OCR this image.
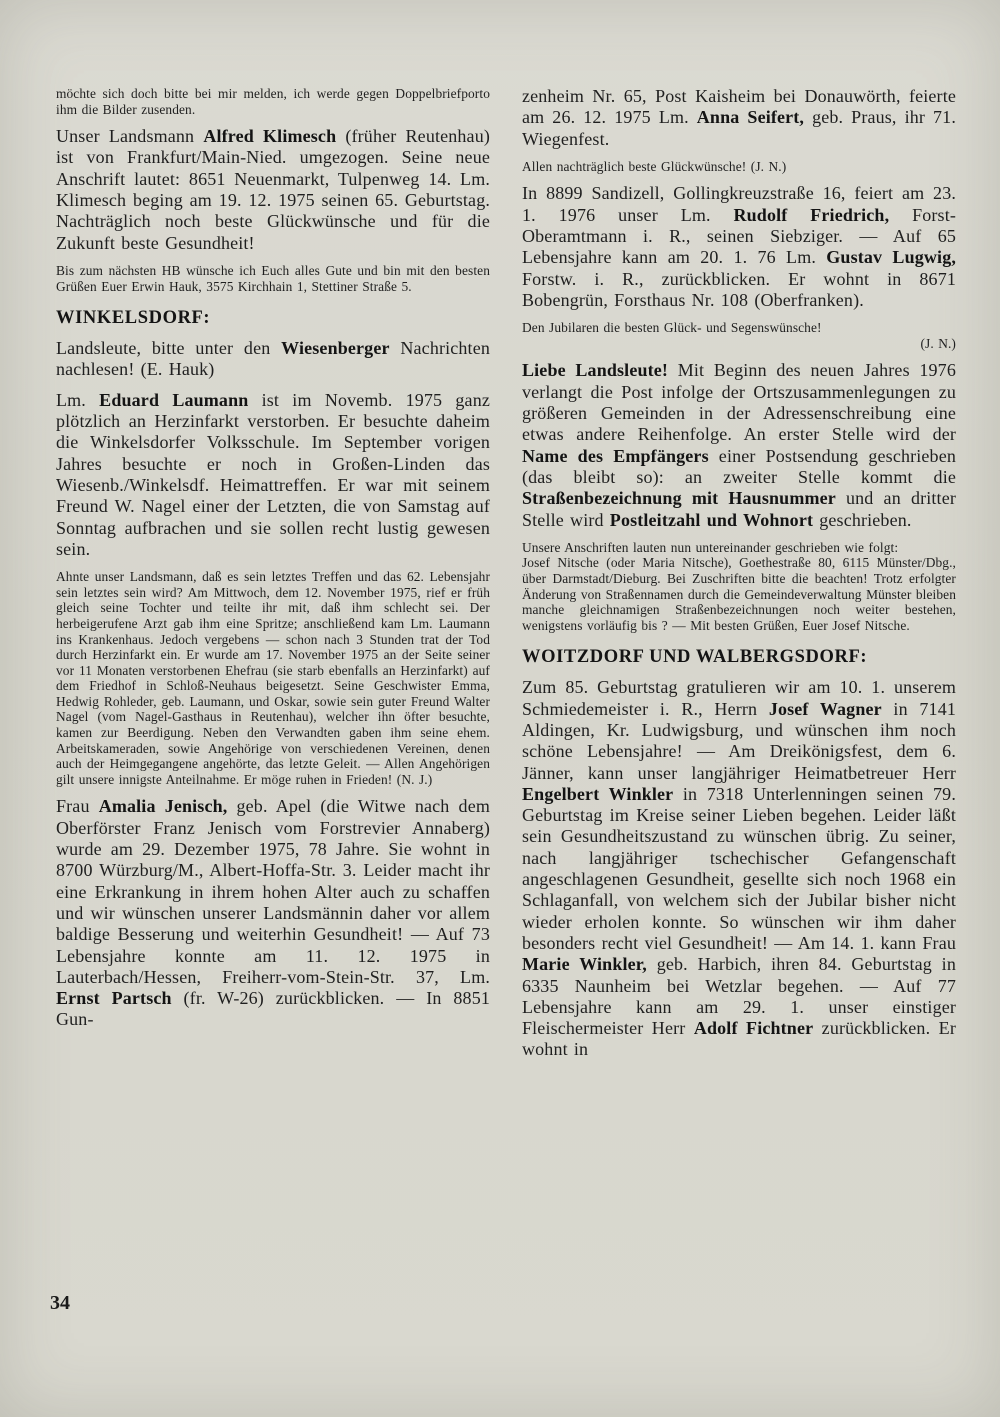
möchte sich doch bitte bei mir melden, ich werde gegen Doppelbriefporto ihm die Bilder zusenden.

Unser Landsmann Alfred Klimesch (früher Reutenhau) ist von Frankfurt/Main-Nied. umgezogen. Seine neue Anschrift lautet: 8651 Neuenmarkt, Tulpenweg 14. Lm. Klimesch beging am 19. 12. 1975 seinen 65. Geburtstag. Nachträglich noch beste Glückwünsche und für die Zukunft beste Gesundheit!

Bis zum nächsten HB wünsche ich Euch alles Gute und bin mit den besten Grüßen Euer Erwin Hauk, 3575 Kirchhain 1, Stettiner Straße 5.

WINKELSDORF:

Landsleute, bitte unter den Wiesenberger Nachrichten nachlesen! (E. Hauk)

Lm. Eduard Laumann ist im Novemb. 1975 ganz plötzlich an Herzinfarkt verstorben. Er besuchte daheim die Winkelsdorfer Volksschule. Im September vorigen Jahres besuchte er noch in Großen-Linden das Wiesenb./Winkelsdf. Heimattreffen. Er war mit seinem Freund W. Nagel einer der Letzten, die von Samstag auf Sonntag aufbrachen und sie sollen recht lustig gewesen sein.

Ahnte unser Landsmann, daß es sein letztes Treffen und das 62. Lebensjahr sein letztes sein wird? Am Mittwoch, dem 12. November 1975, rief er früh gleich seine Tochter und teilte ihr mit, daß ihm schlecht sei. Der herbeigerufene Arzt gab ihm eine Spritze; anschließend kam Lm. Laumann ins Krankenhaus. Jedoch vergebens — schon nach 3 Stunden trat der Tod durch Herzinfarkt ein. Er wurde am 17. November 1975 an der Seite seiner vor 11 Monaten verstorbenen Ehefrau (sie starb ebenfalls an Herzinfarkt) auf dem Friedhof in Schloß-Neuhaus beigesetzt. Seine Geschwister Emma, Hedwig Rohleder, geb. Laumann, und Oskar, sowie sein guter Freund Walter Nagel (vom Nagel-Gasthaus in Reutenhau), welcher ihn öfter besuchte, kamen zur Beerdigung. Neben den Verwandten gaben ihm seine ehem. Arbeitskameraden, sowie Angehörige von verschiedenen Vereinen, denen auch der Heimgegangene angehörte, das letzte Geleit. — Allen Angehörigen gilt unsere innigste Anteilnahme. Er möge ruhen in Frieden! (N. J.)

Frau Amalia Jenisch, geb. Apel (die Witwe nach dem Oberförster Franz Jenisch vom Forstrevier Annaberg) wurde am 29. Dezember 1975, 78 Jahre. Sie wohnt in 8700 Würzburg/M., Albert-Hoffa-Str. 3. Leider macht ihr eine Erkrankung in ihrem hohen Alter auch zu schaffen und wir wünschen unserer Landsmännin daher vor allem baldige Besserung und weiterhin Gesundheit! — Auf 73 Lebensjahre konnte am 11. 12. 1975 in Lauterbach/Hessen, Freiherr-vom-Stein-Str. 37, Lm. Ernst Partsch (fr. W-26) zurückblicken. — In 8851 Gun-

zenheim Nr. 65, Post Kaisheim bei Donauwörth, feierte am 26. 12. 1975 Lm. Anna Seifert, geb. Praus, ihr 71. Wiegenfest.

Allen nachträglich beste Glückwünsche! (J. N.)

In 8899 Sandizell, Gollingkreuzstraße 16, feiert am 23. 1. 1976 unser Lm. Rudolf Friedrich, Forst-Oberamtmann i. R., seinen Siebziger. — Auf 65 Lebensjahre kann am 20. 1. 76 Lm. Gustav Lugwig, Forstw. i. R., zurückblicken. Er wohnt in 8671 Bobengrün, Forsthaus Nr. 108 (Oberfranken).

Den Jubilaren die besten Glück- und Segenswünsche!

(J. N.)

Liebe Landsleute! Mit Beginn des neuen Jahres 1976 verlangt die Post infolge der Ortszusammenlegungen zu größeren Gemeinden in der Adressenschreibung eine etwas andere Reihenfolge. An erster Stelle wird der Name des Empfängers einer Postsendung geschrieben (das bleibt so): an zweiter Stelle kommt die Straßenbezeichnung mit Hausnummer und an dritter Stelle wird Postleitzahl und Wohnort geschrieben.

Unsere Anschriften lauten nun untereinander geschrieben wie folgt:

Josef Nitsche (oder Maria Nitsche), Goethestraße 80, 6115 Münster/Dbg., über Darmstadt/Dieburg. Bei Zuschriften bitte die beachten! Trotz erfolgter Änderung von Straßennamen durch die Gemeindeverwaltung Münster bleiben manche gleichnamigen Straßenbezeichnungen noch weiter bestehen, wenigstens vorläufig bis ? — Mit besten Grüßen, Euer Josef Nitsche.

WOITZDORF UND WALBERGSDORF:

Zum 85. Geburtstag gratulieren wir am 10. 1. unserem Schmiedemeister i. R., Herrn Josef Wagner in 7141 Aldingen, Kr. Ludwigsburg, und wünschen ihm noch schöne Lebensjahre! — Am Dreikönigsfest, dem 6. Jänner, kann unser langjähriger Heimatbetreuer Herr Engelbert Winkler in 7318 Unterlenningen seinen 79. Geburtstag im Kreise seiner Lieben begehen. Leider läßt sein Gesundheitszustand zu wünschen übrig. Zu seiner, nach langjähriger tschechischer Gefangenschaft angeschlagenen Gesundheit, gesellte sich noch 1968 ein Schlaganfall, von welchem sich der Jubilar bisher nicht wieder erholen konnte. So wünschen wir ihm daher besonders recht viel Gesundheit! — Am 14. 1. kann Frau Marie Winkler, geb. Harbich, ihren 84. Geburtstag in 6335 Naunheim bei Wetzlar begehen. — Auf 77 Lebensjahre kann am 29. 1. unser einstiger Fleischermeister Herr Adolf Fichtner zurückblicken. Er wohnt in

34
